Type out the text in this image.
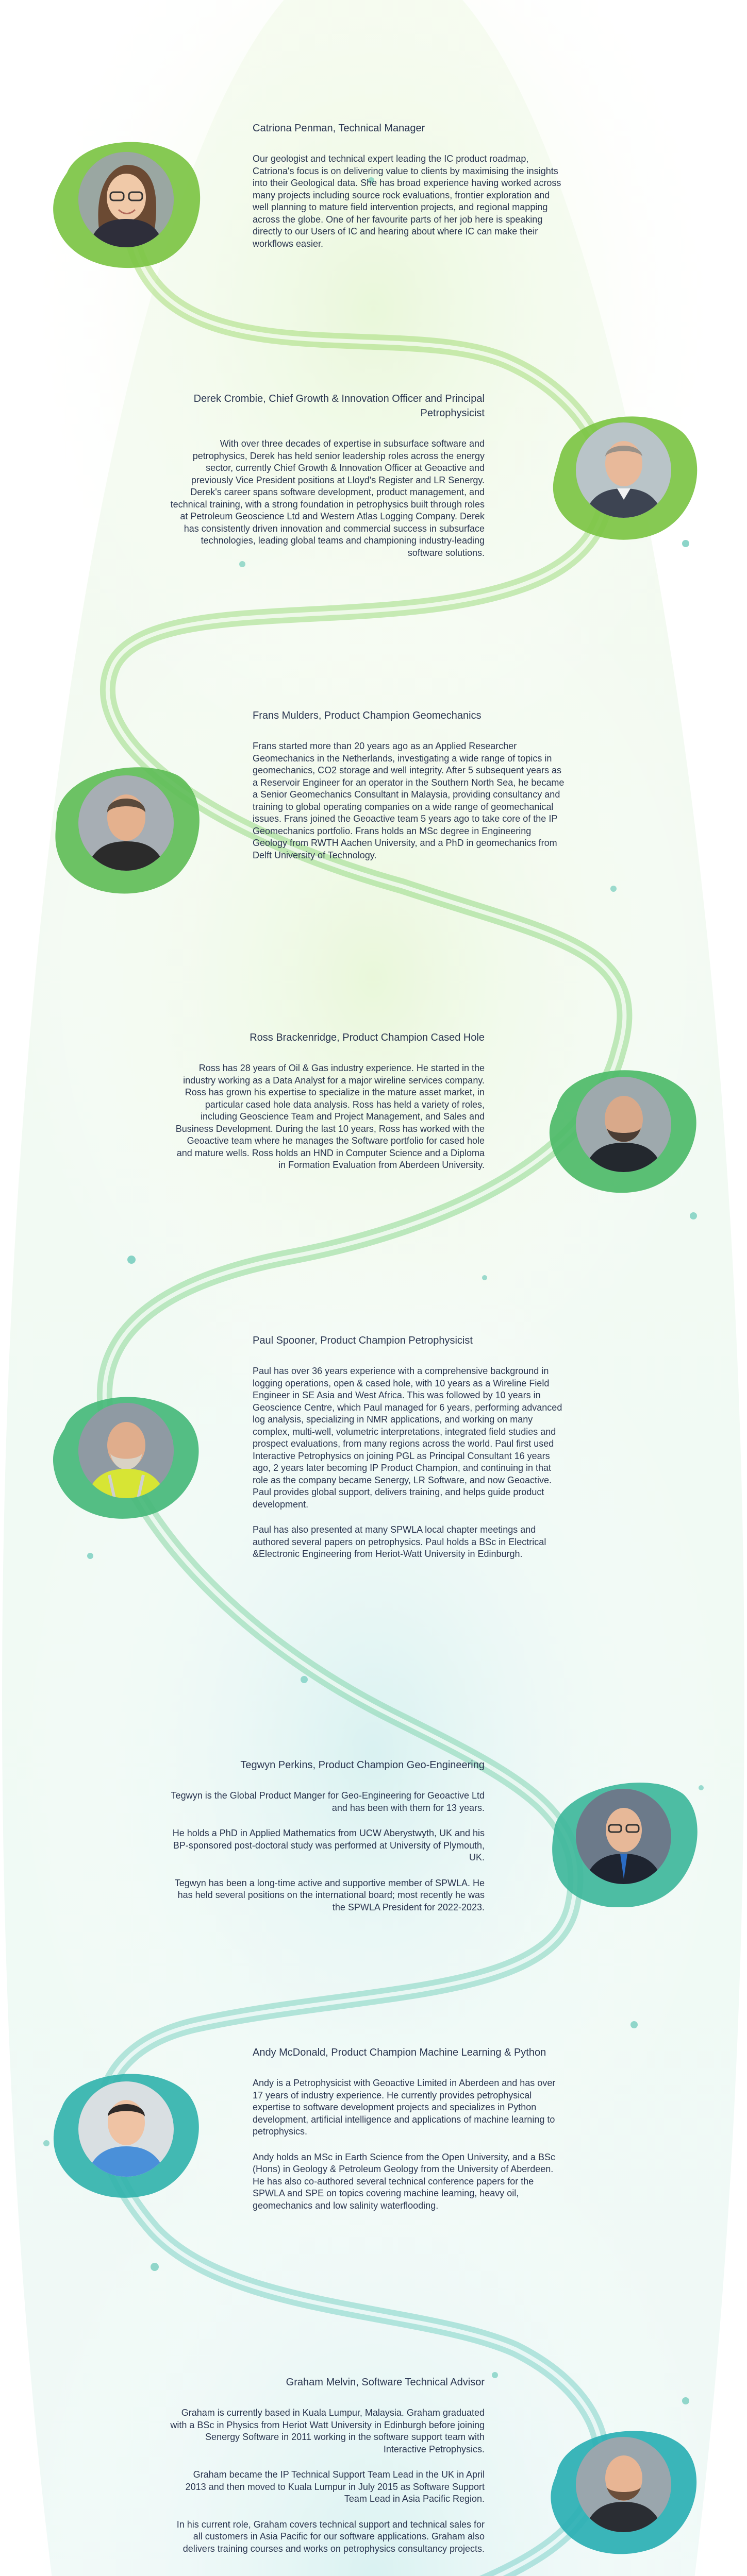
Catriona Penman, Technical Manager

Our geologist and technical expert leading the IC product roadmap, Catriona's focus is on delivering value to clients by maximising the insights into their Geological data. She has broad experience having worked across many projects including source rock evaluations, frontier exploration and well planning to mature field intervention projects, and regional mapping across the globe. One of her favourite parts of her job here is speaking directly to our Users of IC and hearing about where IC can make their workflows easier.

Derek Crombie, Chief Growth & Innovation Officer and Principal Petrophysicist

With over three decades of expertise in subsurface software and petrophysics, Derek has held senior leadership roles across the energy sector, currently Chief Growth & Innovation Officer at Geoactive and previously Vice President positions at Lloyd's Register and LR Senergy. Derek's career spans software development, product management, and technical training, with a strong foundation in petrophysics built through roles at Petroleum Geoscience Ltd and Western Atlas Logging Company. Derek has consistently driven innovation and commercial success in subsurface technologies, leading global teams and championing industry-leading software solutions.

Frans Mulders, Product Champion Geomechanics

Frans started more than 20 years ago as an Applied Researcher Geomechanics in the Netherlands, investigating a wide range of topics in geomechanics, CO2 storage and well integrity. After 5 subsequent years as a Reservoir Engineer for an operator in the Southern North Sea, he became a Senior Geomechanics Consultant in Malaysia, providing consultancy and training to global operating companies on a wide range of geomechanical issues. Frans joined the Geoactive team 5 years ago to take core of the IP Geomechanics portfolio. Frans holds an MSc degree in Engineering Geology from RWTH Aachen University, and a PhD in geomechanics from Delft University of Technology.

Ross Brackenridge, Product Champion Cased Hole

Ross has 28 years of Oil & Gas industry experience. He started in the industry working as a Data Analyst for a major wireline services company. Ross has grown his expertise to specialize in the mature asset market, in particular cased hole data analysis. Ross has held a variety of roles, including Geoscience Team and Project Management, and Sales and Business Development. During the last 10 years, Ross has worked with the Geoactive team where he manages the Software portfolio for cased hole and mature wells. Ross holds an HND in Computer Science and a Diploma in Formation Evaluation from Aberdeen University.

Paul Spooner, Product Champion Petrophysicist

Paul has over 36 years experience with a comprehensive background in logging operations, open & cased hole, with 10 years as a Wireline Field Engineer in SE Asia and West Africa. This was followed by 10 years in Geoscience Centre, which Paul managed for 6 years, performing advanced log analysis, specializing in NMR applications, and working on many complex, multi-well, volumetric interpretations, integrated field studies and prospect evaluations, from many regions across the world. Paul first used Interactive Petrophysics on joining PGL as Principal Consultant 16 years ago, 2 years later becoming IP Product Champion, and continuing in that role as the company became Senergy, LR Software, and now Geoactive. Paul provides global support, delivers training, and helps guide product development.

Paul has also presented at many SPWLA local chapter meetings and authored several papers on petrophysics. Paul holds a BSc in Electrical &Electronic Engineering from Heriot-Watt University in Edinburgh.

Tegwyn Perkins, Product Champion Geo-Engineering

Tegwyn is the Global Product Manger for Geo-Engineering for Geoactive Ltd and has been with them for 13 years.

He holds a PhD in Applied Mathematics from UCW Aberystwyth, UK and his BP-sponsored post-doctoral study was performed at University of Plymouth, UK.

Tegwyn has been a long-time active and supportive member of SPWLA. He has held several positions on the international board; most recently he was the SPWLA President for 2022-2023.

Andy McDonald, Product Champion Machine Learning & Python

Andy is a Petrophysicist with Geoactive Limited in Aberdeen and has over 17 years of industry experience. He currently provides petrophysical expertise to software development projects and specializes in Python development, artificial intelligence and applications of machine learning to petrophysics.

Andy holds an MSc in Earth Science from the Open University, and a BSc (Hons) in Geology & Petroleum Geology from the University of Aberdeen. He has also co-authored several technical conference papers for the SPWLA and SPE on topics covering machine learning, heavy oil, geomechanics and low salinity waterflooding.

Graham Melvin, Software Technical Advisor

Graham is currently based in Kuala Lumpur, Malaysia. Graham graduated with a BSc in Physics from Heriot Watt University in Edinburgh before joining Senergy Software in 2011 working in the software support team with Interactive Petrophysics.

Graham became the IP Technical Support Team Lead in the UK in April 2013 and then moved to Kuala Lumpur in July 2015 as Software Support Team Lead in Asia Pacific Region.

In his current role, Graham covers technical support and technical sales for all customers in Asia Pacific for our software applications. Graham also delivers training courses and works on petrophysics consultancy projects.
